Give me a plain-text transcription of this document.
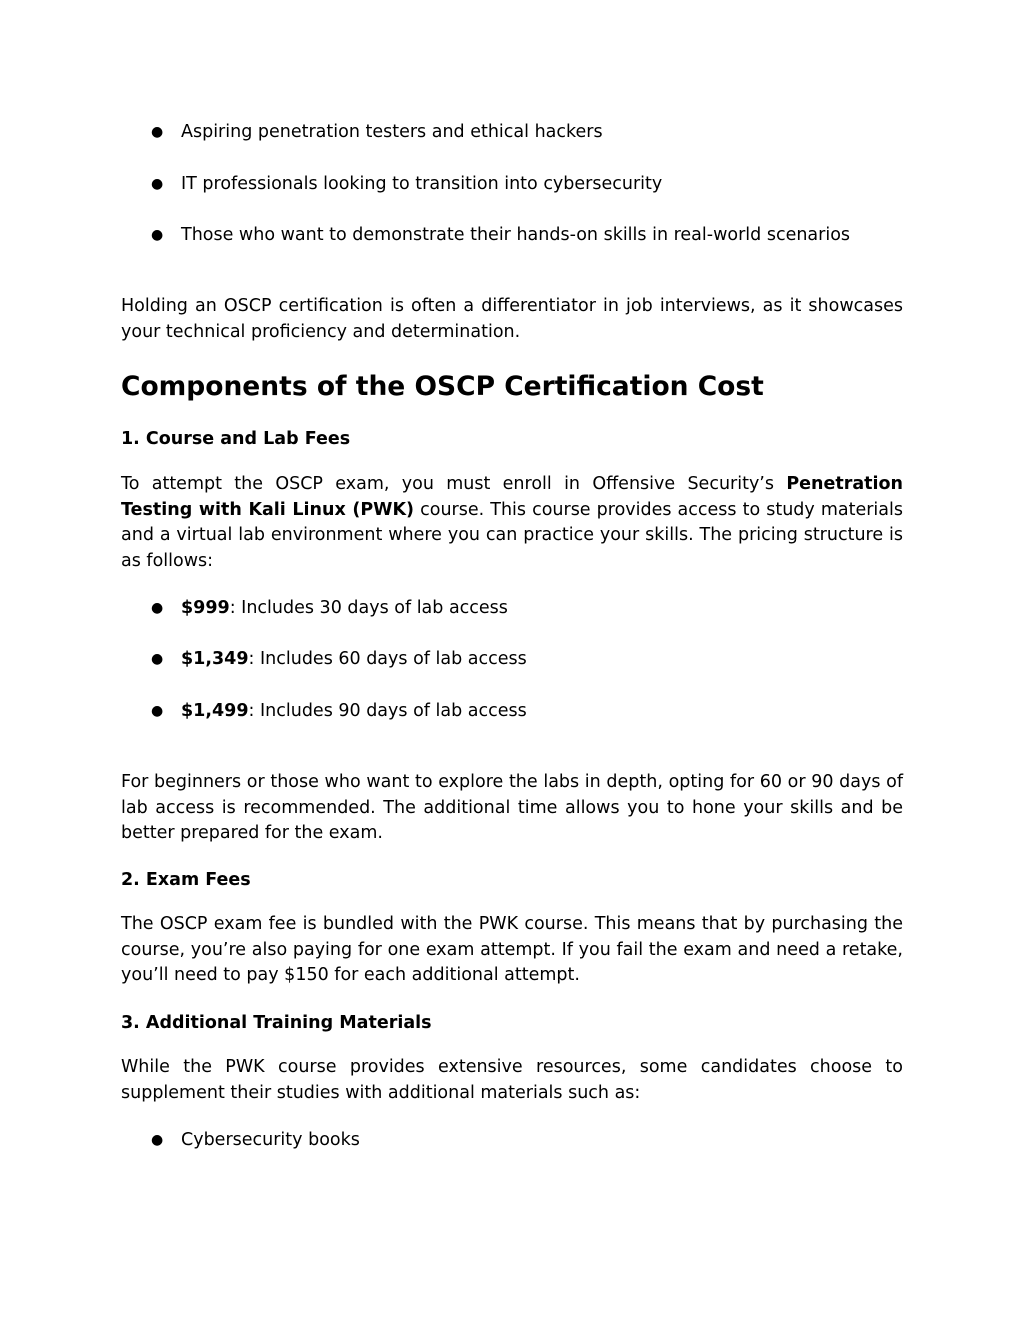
●	Aspiring penetration testers and ethical hackers
●	IT professionals looking to transition into cybersecurity
●	Those who want to demonstrate their hands-on skills in real-world scenarios
Holding an OSCP certification is often a differentiator in job interviews, as it showcases your technical proficiency and determination.
Components of the OSCP Certification Cost
1. Course and Lab Fees
To attempt the OSCP exam, you must enroll in Offensive Security’s Penetration Testing with Kali Linux (PWK) course. This course provides access to study materials and a virtual lab environment where you can practice your skills. The pricing structure is as follows:
●	$999: Includes 30 days of lab access
●	$1,349: Includes 60 days of lab access
●	$1,499: Includes 90 days of lab access
For beginners or those who want to explore the labs in depth, opting for 60 or 90 days of lab access is recommended. The additional time allows you to hone your skills and be better prepared for the exam.
2. Exam Fees
The OSCP exam fee is bundled with the PWK course. This means that by purchasing the course, you’re also paying for one exam attempt. If you fail the exam and need a retake, you’ll need to pay $150 for each additional attempt.
3. Additional Training Materials
While the PWK course provides extensive resources, some candidates choose to supplement their studies with additional materials such as:
●	Cybersecurity books
